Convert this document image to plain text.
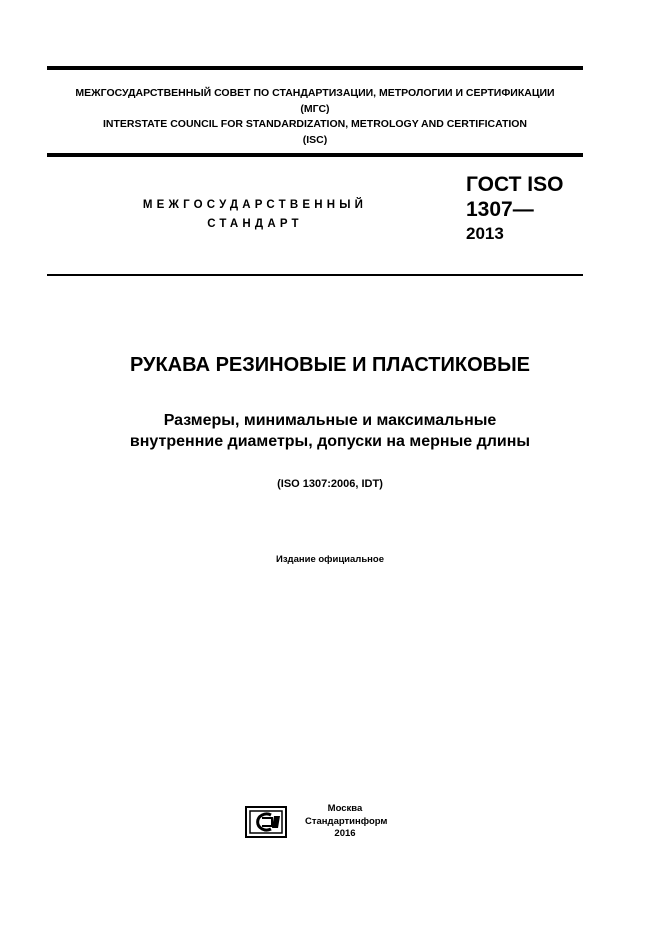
МЕЖГОСУДАРСТВЕННЫЙ СОВЕТ ПО СТАНДАРТИЗАЦИИ, МЕТРОЛОГИИ И СЕРТИФИКАЦИИ
(МГС)
INTERSTATE COUNCIL FOR STANDARDIZATION, METROLOGY AND CERTIFICATION
(ISC)
МЕЖГОСУДАРСТВЕННЫЙ
СТАНДАРТ
ГОСТ ISO
1307—
2013
РУКАВА РЕЗИНОВЫЕ И ПЛАСТИКОВЫЕ
Размеры, минимальные и максимальные
внутренние диаметры, допуски на мерные длины
(ISO 1307:2006, IDT)
Издание официальное
Москва
Стандартинформ
2016
